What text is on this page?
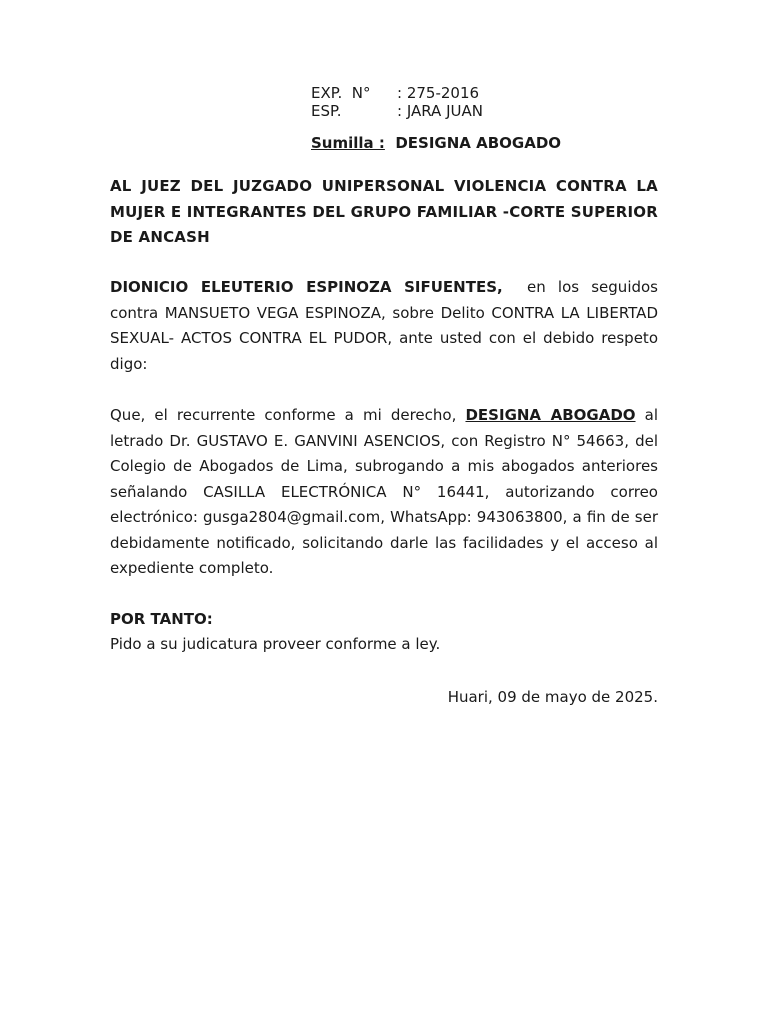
EXP.  N° : 275-2016
ESP.	: JARA JUAN
Sumilla : DESIGNA ABOGADO
AL JUEZ DEL JUZGADO UNIPERSONAL VIOLENCIA CONTRA LA MUJER E INTEGRANTES DEL GRUPO FAMILIAR -CORTE SUPERIOR DE ANCASH
DIONICIO ELEUTERIO ESPINOZA SIFUENTES, en los seguidos contra MANSUETO VEGA ESPINOZA, sobre Delito CONTRA LA LIBERTAD SEXUAL- ACTOS CONTRA EL PUDOR, ante usted con el debido respeto digo:
Que, el recurrente conforme a mi derecho, DESIGNA ABOGADO al letrado Dr. GUSTAVO E. GANVINI ASENCIOS, con Registro N° 54663, del Colegio de Abogados de Lima, subrogando a mis abogados anteriores señalando CASILLA ELECTRÓNICA N° 16441, autorizando correo electrónico: gusga2804@gmail.com, WhatsApp: 943063800, a fin de ser debidamente notificado, solicitando darle las facilidades y el acceso al expediente completo.
POR TANTO:
Pido a su judicatura proveer conforme a ley.
Huari, 09 de mayo de 2025.
